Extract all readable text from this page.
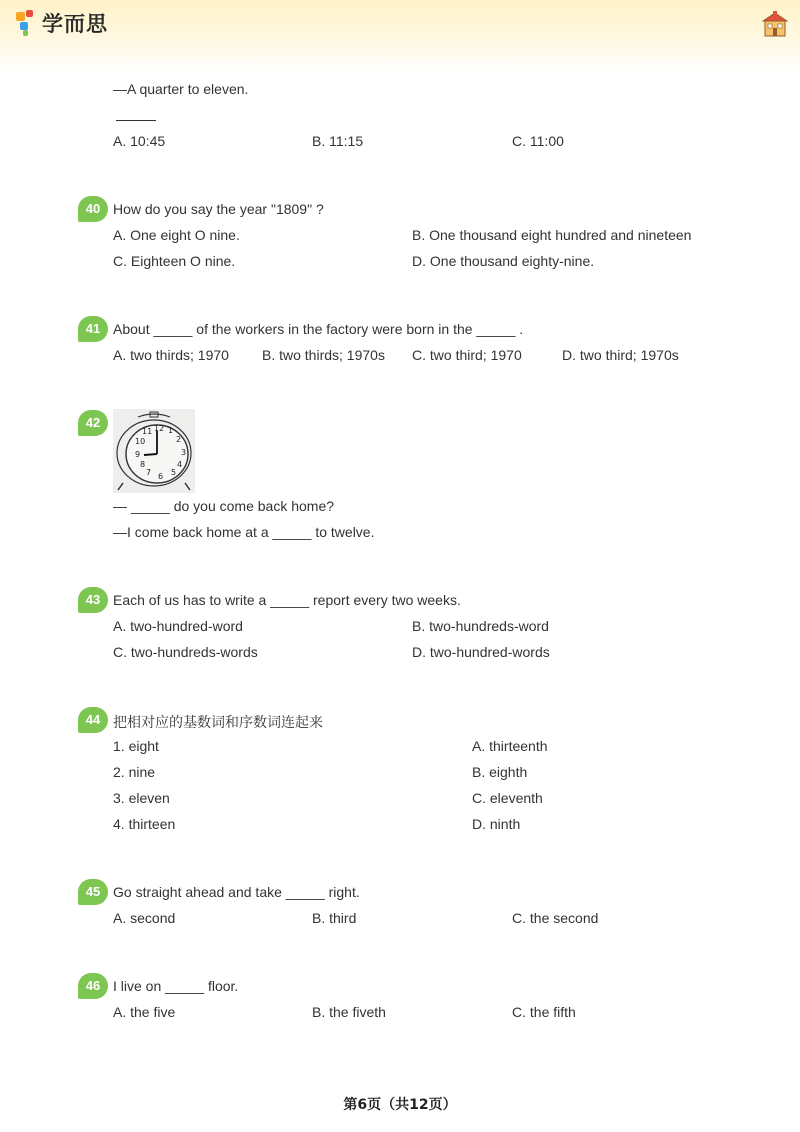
学而思
—A quarter to eleven.
A. 10:45	B. 11:15	C. 11:00
40 How do you say the year "1809" ?
A. One eight O nine.	B. One thousand eight hundred and nineteen
C. Eighteen O nine.	D. One thousand eighty-nine.
41 About _____ of the workers in the factory were born in the _____ .
A. two thirds; 1970 B. two thirds; 1970s C. two third; 1970	D. two third; 1970s
42	12 1
2
3
4
5
6
7
8
9
10
11
— _____ do you come back home?
—I come back home at a _____ to twelve.
43 Each of us has to write a _____ report every two weeks.
A. two-hundred-word	B. two-hundreds-word
C. two-hundreds-words	D. two-hundred-words
44 把相对应的基数词和序数词连起来
1. eight	A. thirteenth
2. nine	B. eighth
3. eleven	C. eleventh
4. thirteen	D. ninth
45 Go straight ahead and take _____ right.
A. second	B. third	C. the second
46 I live on _____ floor.
A. the five	B. the fiveth	C. the fifth
第6页（共12页）
